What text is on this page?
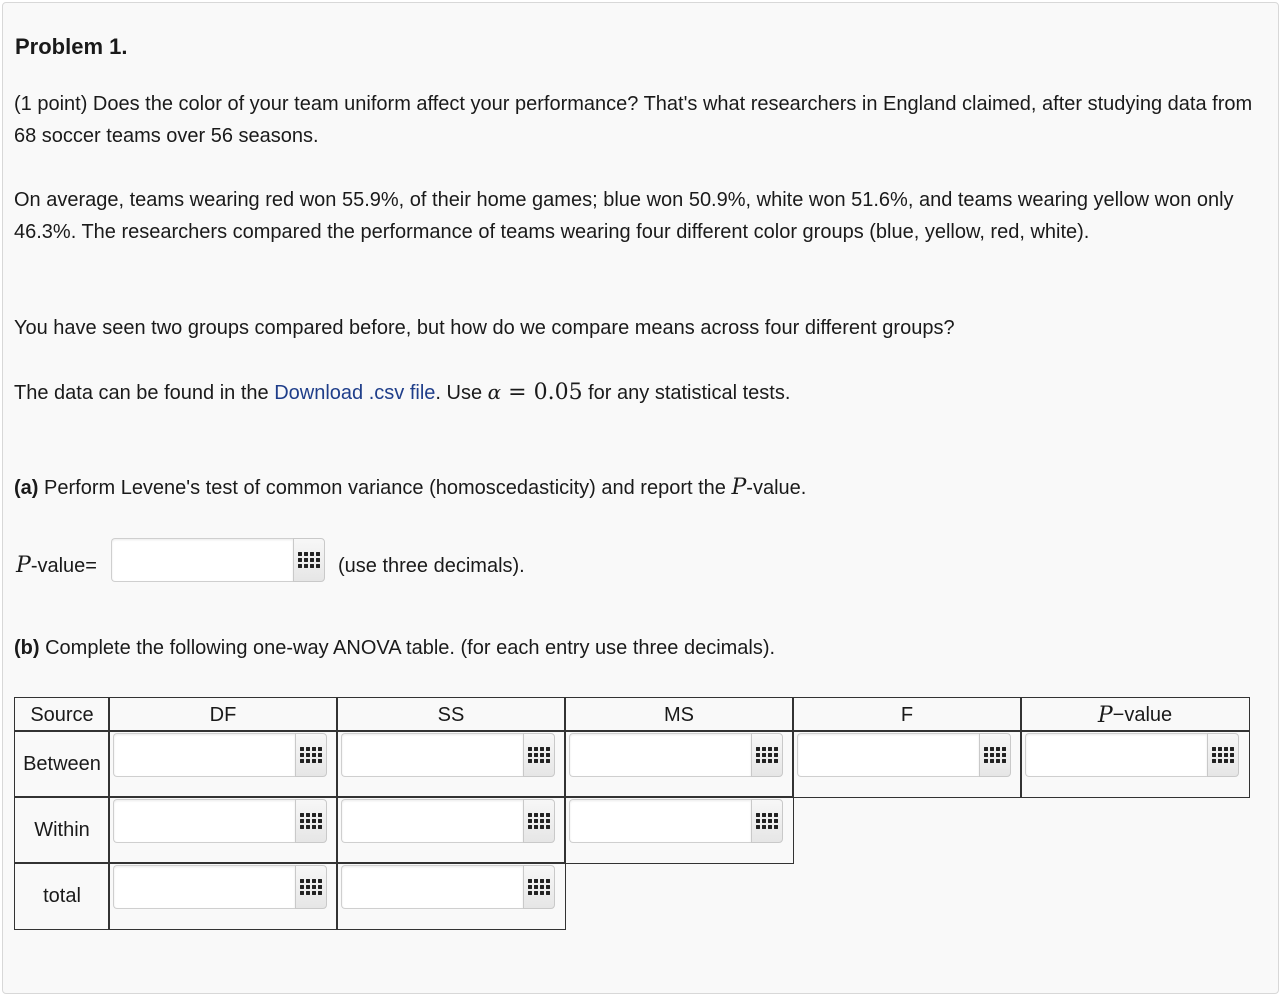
Problem 1.

(1 point) Does the color of your team uniform affect your performance? That's what researchers in England claimed, after studying data from 68 soccer teams over 56 seasons.

On average, teams wearing red won 55.9%, of their home games; blue won 50.9%, white won 51.6%, and teams wearing yellow won only 46.3%. The researchers compared the performance of teams wearing four different color groups (blue, yellow, red, white).

You have seen two groups compared before, but how do we compare means across four different groups?

The data can be found in the Download .csv file. Use α = 0.05 for any statistical tests.

(a) Perform Levene's test of common variance (homoscedasticity) and report the P-value.

P-value=	(use three decimals).

(b) Complete the following one-way ANOVA table. (for each entry use three decimals).

Source	DF	SS	MS	F	P −value
Between
Within
total
